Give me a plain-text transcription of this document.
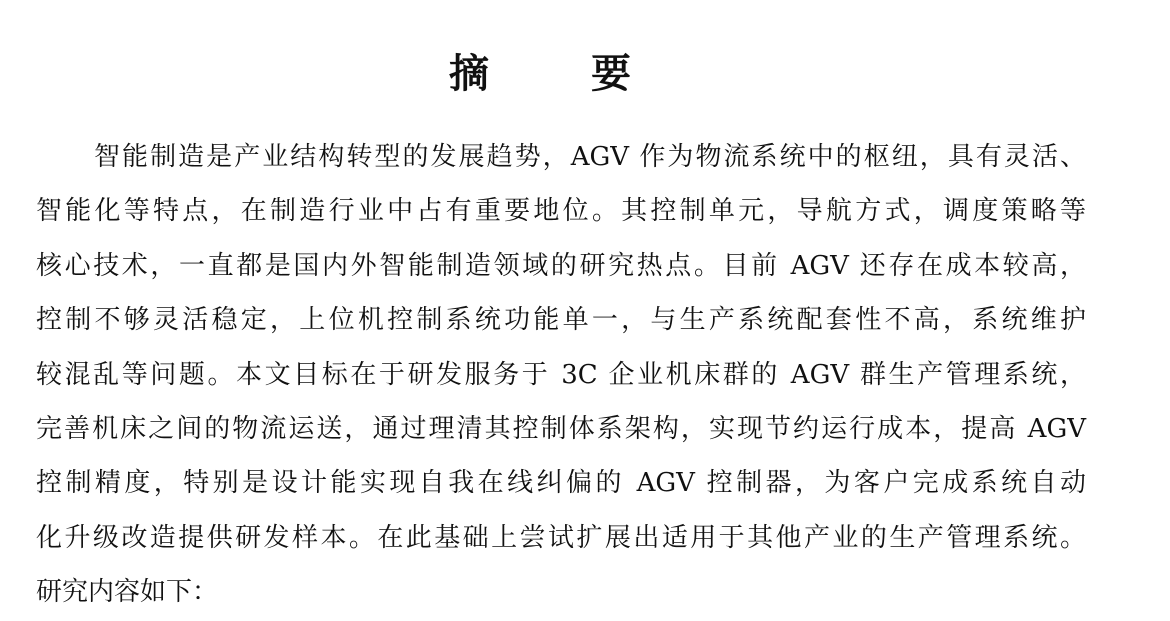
摘 要

智能制造是产业结构转型的发展趋势，AGV 作为物流系统中的枢纽，具有灵活、

智能化等特点，在制造行业中占有重要地位。其控制单元，导航方式，调度策略等

核心技术，一直都是国内外智能制造领域的研究热点。目前 AGV 还存在成本较高，

控制不够灵活稳定，上位机控制系统功能单一，与生产系统配套性不高，系统维护

较混乱等问题。本文目标在于研发服务于 3C 企业机床群的 AGV 群生产管理系统，

完善机床之间的物流运送，通过理清其控制体系架构，实现节约运行成本，提高 AGV

控制精度，特别是设计能实现自我在线纠偏的 AGV 控制器，为客户完成系统自动

化升级改造提供研发样本。在此基础上尝试扩展出适用于其他产业的生产管理系统。

研究内容如下：
